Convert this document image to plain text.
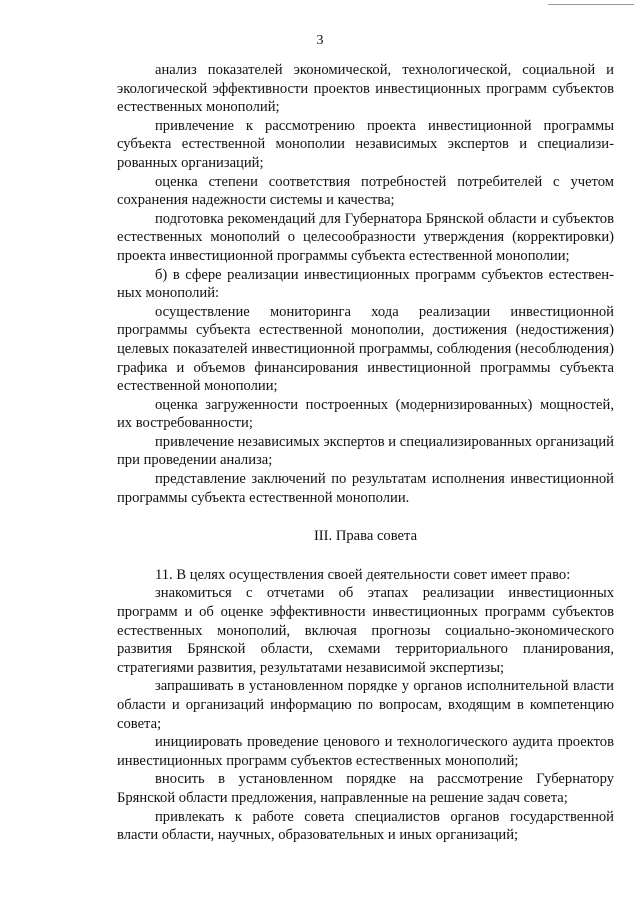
3

анализ показателей экономической, технологической, социальной и экологической эффективности проектов инвестиционных программ субъектов естественных монополий;

привлечение к рассмотрению проекта инвестиционной программы субъекта естественной монополии независимых экспертов и специализированных организаций;

оценка степени соответствия потребностей потребителей с учетом сохранения надежности системы и качества;

подготовка рекомендаций для Губернатора Брянской области и субъектов естественных монополий о целесообразности утверждения (корректировки) проекта инвестиционной программы субъекта естественной монополии;

б) в сфере реализации инвестиционных программ субъектов естественных монополий:

осуществление мониторинга хода реализации инвестиционной программы субъекта естественной монополии, достижения (недостижения) целевых показателей инвестиционной программы, соблюдения (несоблюдения) графика и объемов финансирования инвестиционной программы субъекта естественной монополии;

оценка загруженности построенных (модернизированных) мощностей, их востребованности;

привлечение независимых экспертов и специализированных организаций при проведении анализа;

представление заключений по результатам исполнения инвестиционной программы субъекта естественной монополии.

III. Права совета

11. В целях осуществления своей деятельности совет имеет право:

знакомиться с отчетами об этапах реализации инвестиционных программ и об оценке эффективности инвестиционных программ субъектов естественных монополий, включая прогнозы социально-экономического развития Брянской области, схемами территориального планирования, стратегиями развития, результатами независимой экспертизы;

запрашивать в установленном порядке у органов исполнительной власти области и организаций информацию по вопросам, входящим в компетенцию совета;

инициировать проведение ценового и технологического аудита проектов инвестиционных программ субъектов естественных монополий;

вносить в установленном порядке на рассмотрение Губернатору Брянской области предложения, направленные на решение задач совета;

привлекать к работе совета специалистов органов государственной власти области, научных, образовательных и иных организаций;
